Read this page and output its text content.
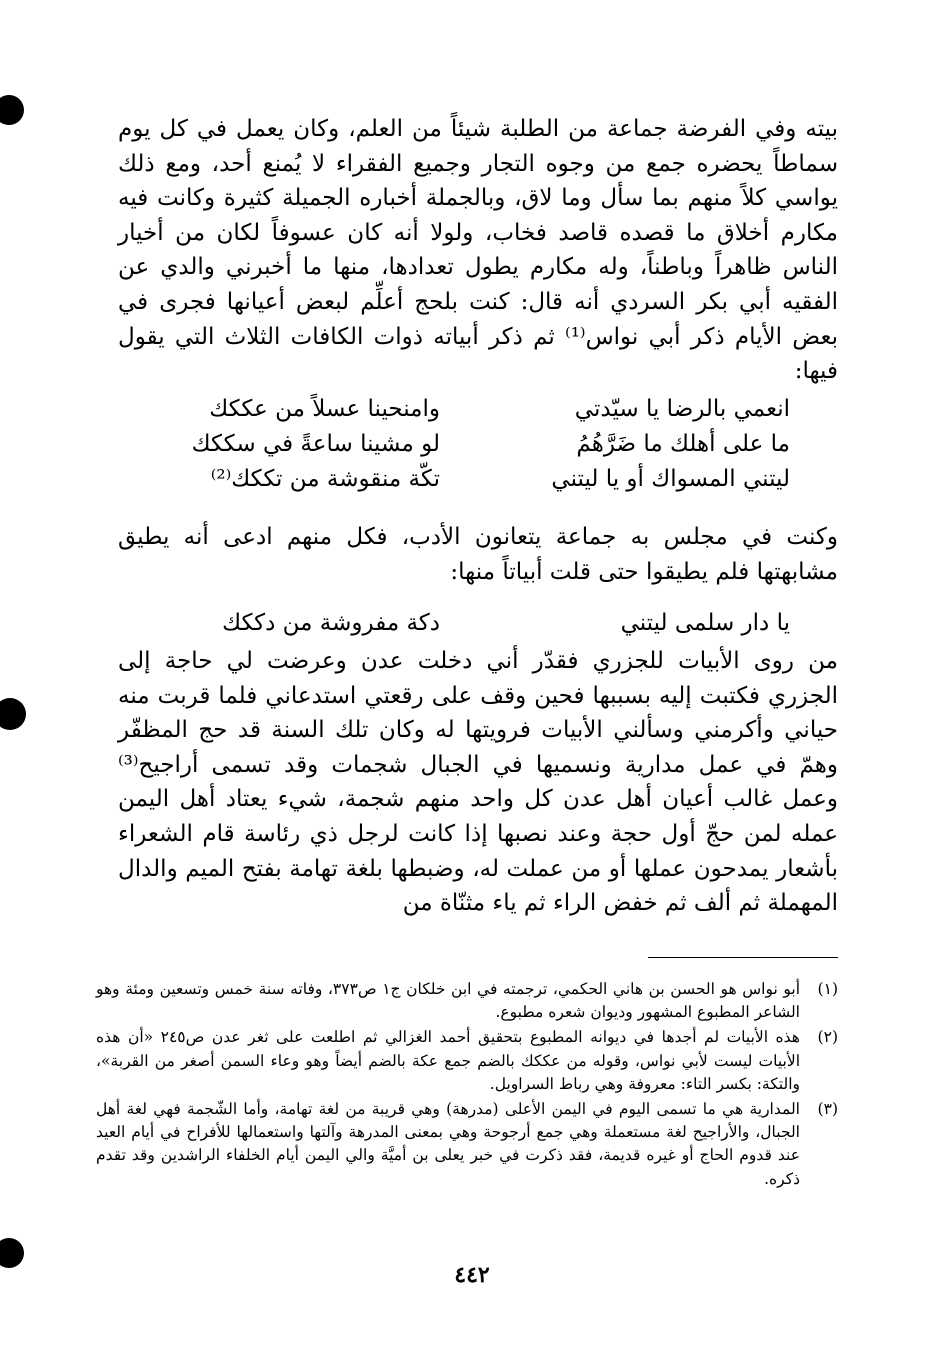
بيته وفي الفرضة جماعة من الطلبة شيئاً من العلم، وكان يعمل في كل يوم سماطاً يحضره جمع من وجوه التجار وجميع الفقراء لا يُمنع أحد، ومع ذلك يواسي كلاً منهم بما سأل وما لاق، وبالجملة أخباره الجميلة كثيرة وكانت فيه مكارم أخلاق ما قصده قاصد فخاب، ولولا أنه كان عسوفاً لكان من أخيار الناس ظاهراً وباطناً، وله مكارم يطول تعدادها، منها ما أخبرني والدي عن الفقيه أبي بكر السردي أنه قال: كنت بلحج أعلِّم لبعض أعيانها فجرى في بعض الأيام ذكر أبي نواس⁽¹⁾ ثم ذكر أبياته ذوات الكافات الثلاث التي يقول فيها:

انعمي بالرضا يا سيّدتي
وامنحينا عسلاً من عككك
ما على أهلك ما ضَرَّهُمُ
لو مشينا ساعةً في سككك
ليتني المسواك أو يا ليتني
تكّة منقوشة من تككك⁽²⁾

وكنت في مجلس به جماعة يتعانون الأدب، فكل منهم ادعى أنه يطيق مشابهتها فلم يطيقوا حتى قلت أبياتاً منها:

يا دار سلمى ليتني
دكة مفروشة من دككك

من روى الأبيات للجزري فقدّر أني دخلت عدن وعرضت لي حاجة إلى الجزري فكتبت إليه بسببها فحين وقف على رقعتي استدعاني فلما قربت منه حياني وأكرمني وسألني الأبيات فرويتها له وكان تلك السنة قد حج المظفّر وهمّ في عمل مدارية ونسميها في الجبال شجمات وقد تسمى أراجيح⁽³⁾ وعمل غالب أعيان أهل عدن كل واحد منهم شجمة، شيء يعتاد أهل اليمن عمله لمن حجّ أول حجة وعند نصبها إذا كانت لرجل ذي رئاسة قام الشعراء بأشعار يمدحون عملها أو من عملت له، وضبطها بلغة تهامة بفتح الميم والدال المهملة ثم ألف ثم خفض الراء ثم ياء مثنّاة من

(١)
أبو نواس هو الحسن بن هاني الحكمي، ترجمته في ابن خلكان ج١ ص٣٧٣، وفاته سنة خمس وتسعين ومئة وهو الشاعر المطبوع المشهور وديوان شعره مطبوع.
(٢)
هذه الأبيات لم أجدها في ديوانه المطبوع بتحقيق أحمد الغزالي ثم اطلعت على ثغر عدن ص٢٤٥ «أن هذه الأبيات ليست لأبي نواس، وقوله من عككك بالضم جمع عكة بالضم أيضاً وهو وعاء السمن أصغر من القربة»، والتكة: بكسر التاء: معروفة وهي رباط السراويل.
(٣)
المدارية هي ما تسمى اليوم في اليمن الأعلى (مدرهة) وهي قريبة من لغة تهامة، وأما الشّجمة فهي لغة أهل الجبال، والأراجيح لغة مستعملة وهي جمع أرجوحة وهي بمعنى المدرهة وآلتها واستعمالها للأفراح في أيام العيد عند قدوم الحاج أو غيره قديمة، فقد ذكرت في خبر يعلى بن أميَّة والي اليمن أيام الخلفاء الراشدين وقد تقدم ذكره.
٤٤٢
